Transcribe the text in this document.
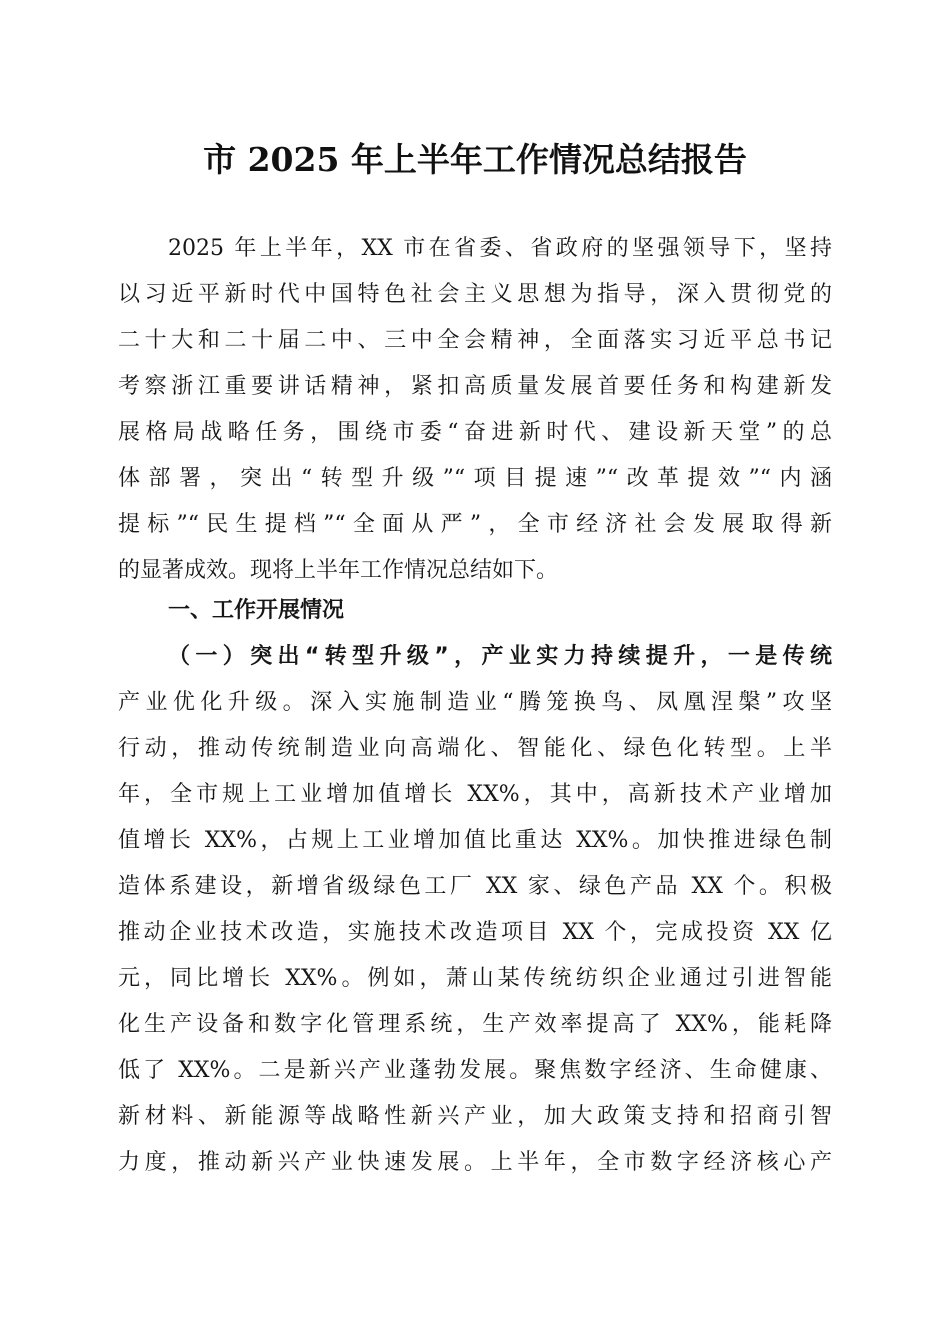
市 2025 年上半年工作情况总结报告
2025 年上半年，XX 市在省委、省政府的坚强领导下，坚持
以习近平新时代中国特色社会主义思想为指导，深入贯彻党的
二十大和二十届二中、三中全会精神，全面落实习近平总书记
考察浙江重要讲话精神，紧扣高质量发展首要任务和构建新发
展格局战略任务，围绕市委“奋进新时代、建设新天堂”的总
体部署，突出“转型升级”“项目提速”“改革提效”“内涵
提标”“民生提档”“全面从严”，全市经济社会发展取得新
的显著成效。现将上半年工作情况总结如下。
一、工作开展情况
（一）突出“转型升级”，产业实力持续提升，一是传统
产业优化升级。深入实施制造业“腾笼换鸟、凤凰涅槃”攻坚
行动，推动传统制造业向高端化、智能化、绿色化转型。上半
年，全市规上工业增加值增长 XX%，其中，高新技术产业增加
值增长 XX%，占规上工业增加值比重达 XX%。加快推进绿色制
造体系建设，新增省级绿色工厂 XX 家、绿色产品 XX 个。积极
推动企业技术改造，实施技术改造项目 XX 个，完成投资 XX 亿
元，同比增长 XX%。例如，萧山某传统纺织企业通过引进智能
化生产设备和数字化管理系统，生产效率提高了 XX%，能耗降
低了 XX%。二是新兴产业蓬勃发展。聚焦数字经济、生命健康、
新材料、新能源等战略性新兴产业，加大政策支持和招商引智
力度，推动新兴产业快速发展。上半年，全市数字经济核心产
